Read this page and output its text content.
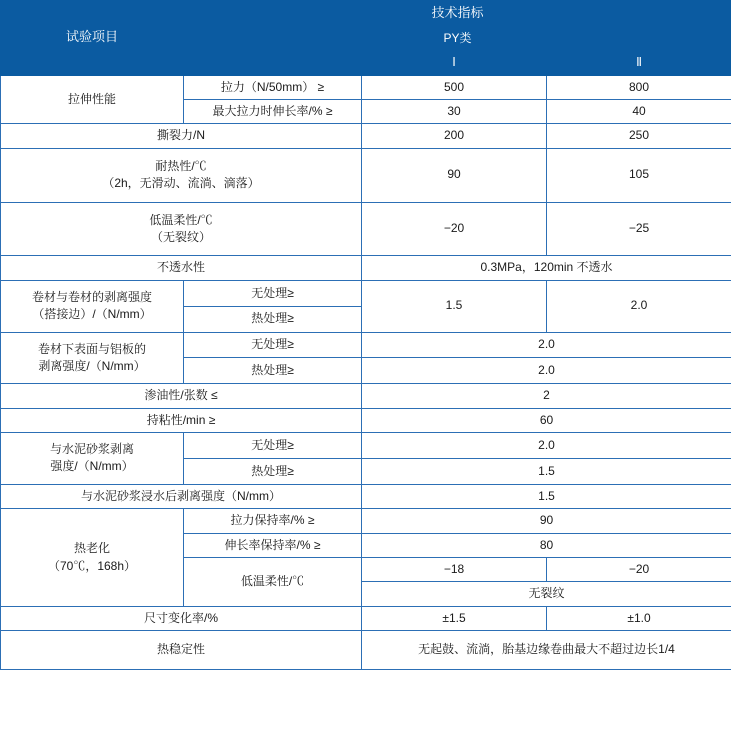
试验项目	技术指标		
	PY类		
		Ⅰ	Ⅱ
拉伸性能	拉力（N/50mm） ≥	500	800
	最大拉力时伸长率/% ≥	30	40
撕裂力/N		200	250
耐热性/℃
（2h，无滑动、流淌、滴落）		90	105
低温柔性/℃
（无裂纹）		−20	−25
不透水性		0.3MPa，120min 不透水	
卷材与卷材的剥离强度
（搭接边）/（N/mm）	无处理≥	1.5	2.0
	热处理≥		
卷材下表面与铝板的
剥离强度/（N/mm）	无处理≥	2.0	
	热处理≥	2.0	
渗油性/张数 ≤		2	
持粘性/min ≥		60	
与水泥砂浆剥离
强度/（N/mm）	无处理≥	2.0	
	热处理≥	1.5	
与水泥砂浆浸水后剥离强度（N/mm）		1.5	
热老化
（70℃，168h）	拉力保持率/% ≥	90	
	伸长率保持率/% ≥	80	
	低温柔性/℃	−18	−20
		无裂纹	
尺寸变化率/%		±1.5	±1.0
热稳定性		无起鼓、流淌，胎基边缘卷曲最大不超过边长1/4	
